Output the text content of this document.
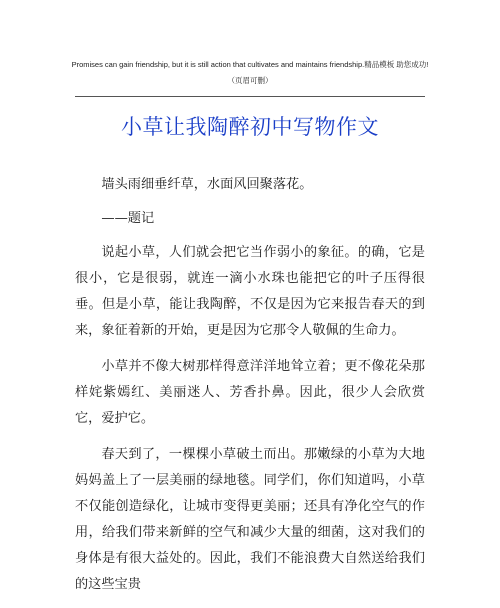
Promises can gain friendship, but it is still action that cultivates and maintains friendship.精品模板 助您成功!
（页眉可删）
小草让我陶醉初中写物作文

墙头雨细垂纤草，水面风回聚落花。

——题记

说起小草，人们就会把它当作弱小的象征。的确，它是很小，它是很弱，就连一滴小水珠也能把它的叶子压得很垂。但是小草，能让我陶醉，不仅是因为它来报告春天的到来，象征着新的开始，更是因为它那令人敬佩的生命力。

小草并不像大树那样得意洋洋地耸立着；更不像花朵那样姹紫嫣红、美丽迷人、芳香扑鼻。因此，很少人会欣赏它，爱护它。

春天到了，一棵棵小草破土而出。那嫩绿的小草为大地妈妈盖上了一层美丽的绿地毯。同学们，你们知道吗，小草不仅能创造绿化，让城市变得更美丽；还具有净化空气的作用，给我们带来新鲜的空气和减少大量的细菌，这对我们的身体是有很大益处的。因此，我们不能浪费大自然送给我们的这些宝贵
